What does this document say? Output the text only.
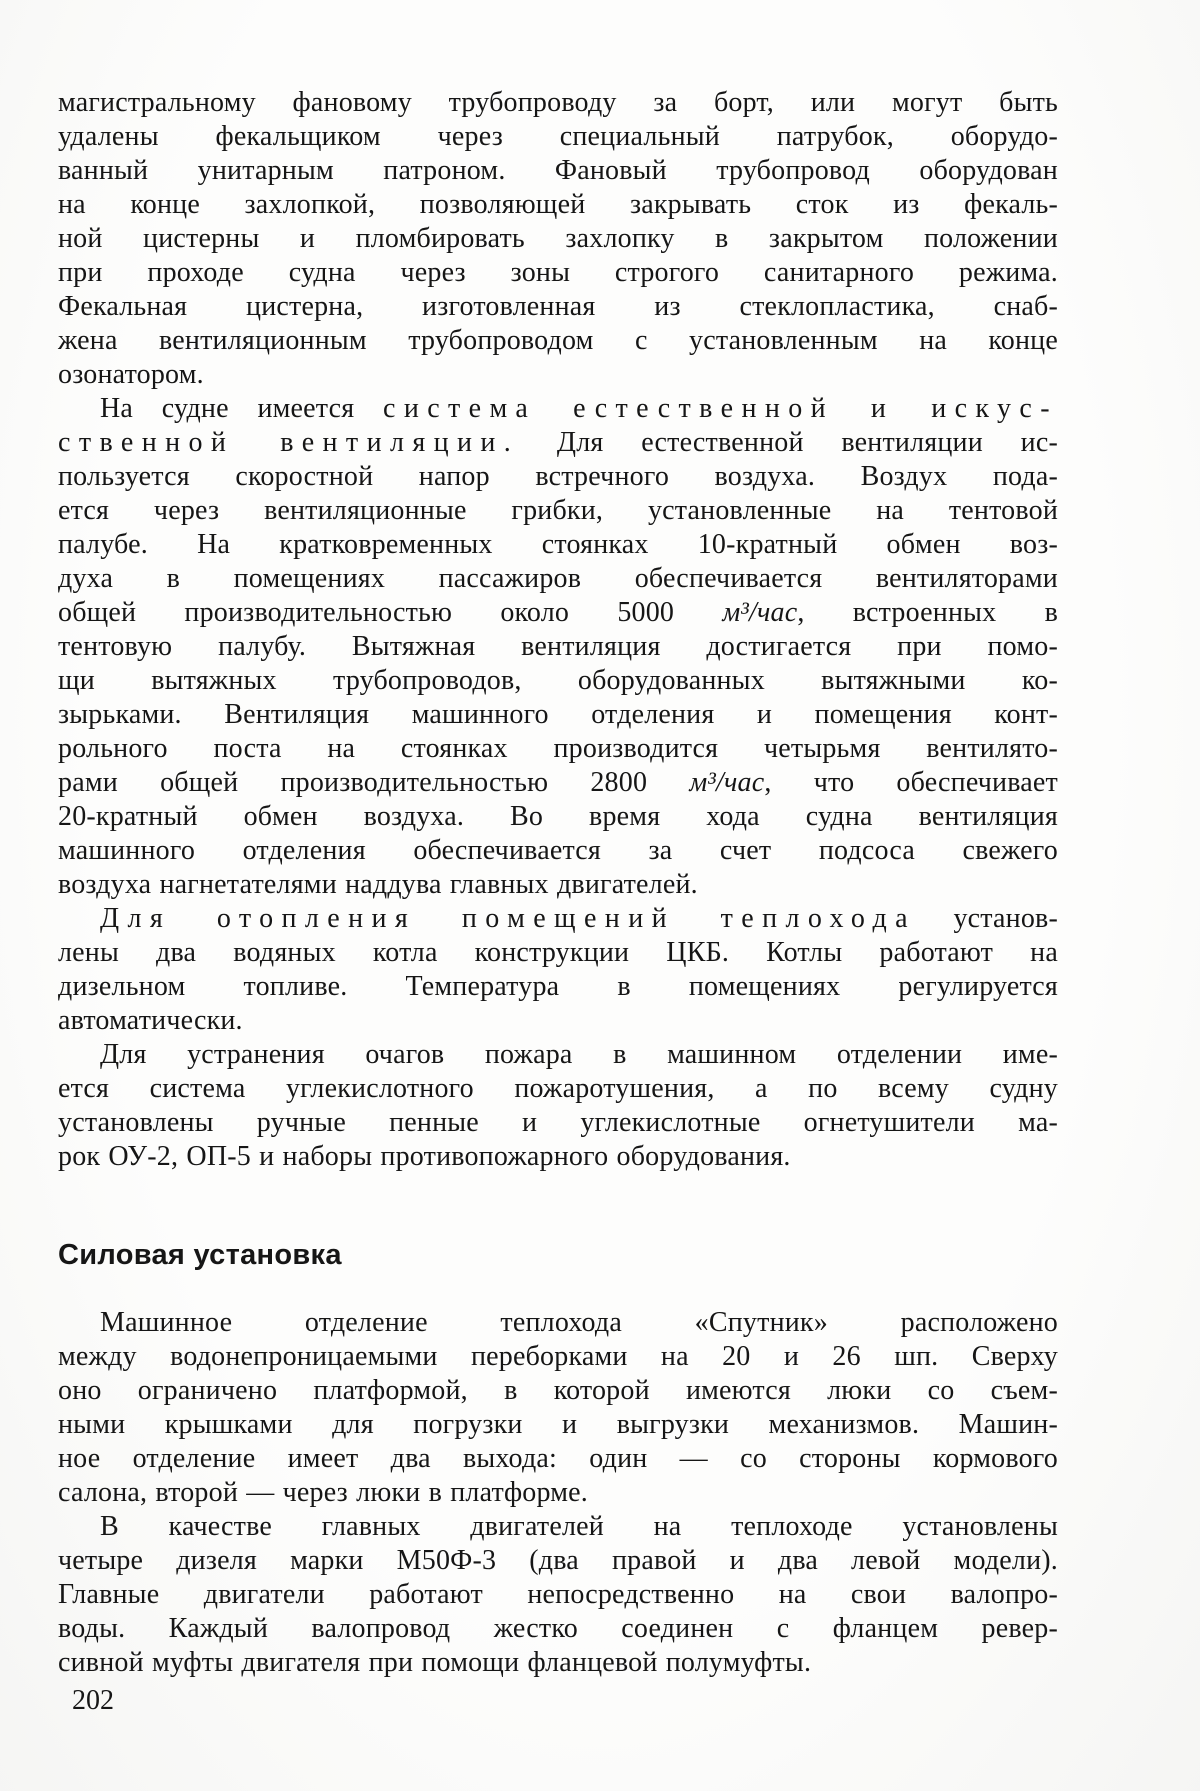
магистральному фановому трубопроводу за борт, или могут быть
удалены фекальщиком через специальный патрубок, оборудо-
ванный унитарным патроном. Фановый трубопровод оборудован
на конце захлопкой, позволяющей закрывать сток из фекаль-
ной цистерны и пломбировать захлопку в закрытом положении
при проходе судна через зоны строгого санитарного режима.
Фекальная цистерна, изготовленная из стеклопластика, снаб-
жена вентиляционным трубопроводом с установленным на конце
озонатором.
На судне имеется система естественной и искус-
ственной вентиляции. Для естественной вентиляции ис-
пользуется скоростной напор встречного воздуха. Воздух пода-
ется через вентиляционные грибки, установленные на тентовой
палубе. На кратковременных стоянках 10-кратный обмен воз-
духа в помещениях пассажиров обеспечивается вентиляторами
общей производительностью около 5000 м³/час, встроенных в
тентовую палубу. Вытяжная вентиляция достигается при помо-
щи вытяжных трубопроводов, оборудованных вытяжными ко-
зырьками. Вентиляция машинного отделения и помещения конт-
рольного поста на стоянках производится четырьмя вентилято-
рами общей производительностью 2800 м³/час, что обеспечивает
20-кратный обмен воздуха. Во время хода судна вентиляция
машинного отделения обеспечивается за счет подсоса свежего
воздуха нагнетателями наддува главных двигателей.
Для отопления помещений теплохода установ-
лены два водяных котла конструкции ЦКБ. Котлы работают на
дизельном топливе. Температура в помещениях регулируется
автоматически.
Для устранения очагов пожара в машинном отделении име-
ется система углекислотного пожаротушения, а по всему судну
установлены ручные пенные и углекислотные огнетушители ма-
рок ОУ-2, ОП-5 и наборы противопожарного оборудования.
Силовая установка
Машинное отделение теплохода «Спутник» расположено
между водонепроницаемыми переборками на 20 и 26 шп. Сверху
оно ограничено платформой, в которой имеются люки со съем-
ными крышками для погрузки и выгрузки механизмов. Машин-
ное отделение имеет два выхода: один — со стороны кормового
салона, второй — через люки в платформе.
В качестве главных двигателей на теплоходе установлены
четыре дизеля марки М50Ф-3 (два правой и два левой модели).
Главные двигатели работают непосредственно на свои валопро-
воды. Каждый валопровод жестко соединен с фланцем ревер-
сивной муфты двигателя при помощи фланцевой полумуфты.
202
